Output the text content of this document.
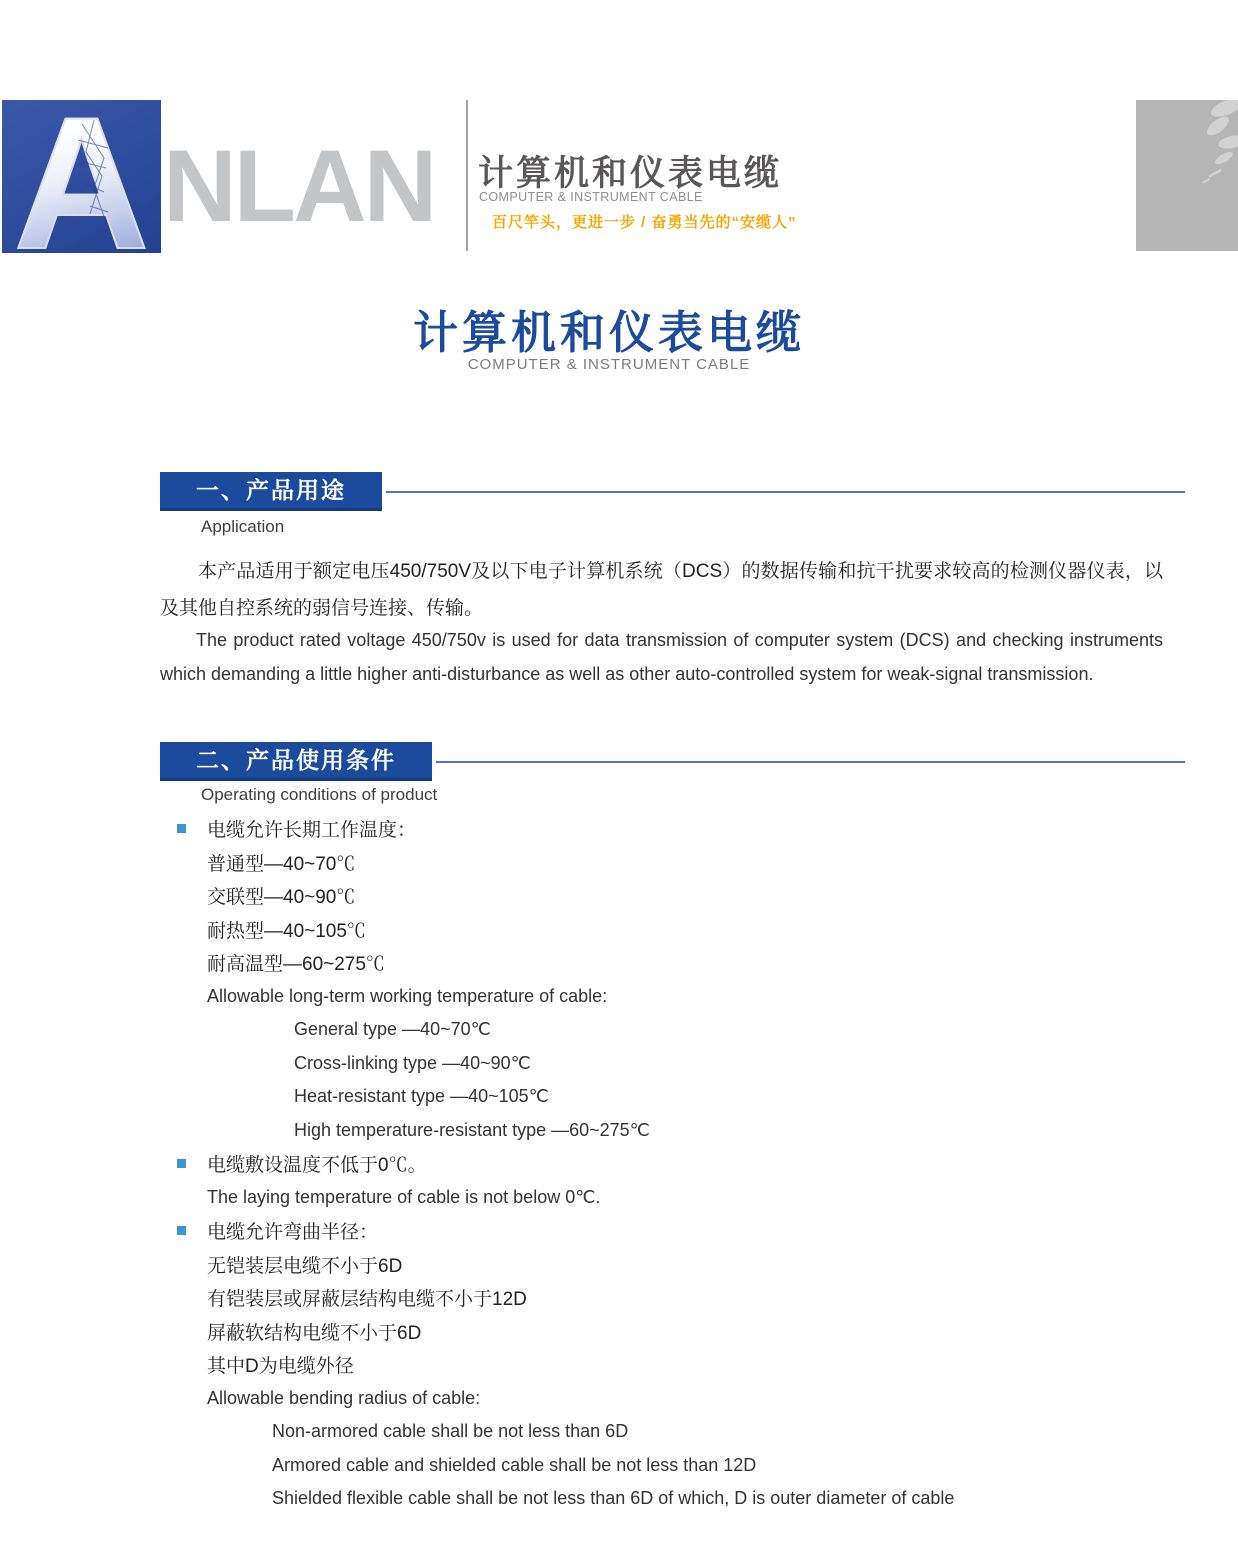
A NLAN 计算机和仪表电缆
COMPUTER & INSTRUMENT CABLE
百尺竿头，更进一步 / 奋勇当先的“安缆人”
计算机和仪表电缆
COMPUTER & INSTRUMENT CABLE
一、产品用途
Application
本产品适用于额定电压450/750V及以下电子计算机系统（DCS）的数据传输和抗干扰要求较高的检测仪器仪表，以及其他自控系统的弱信号连接、传输。
The product rated voltage 450/750v is used for data transmission of computer system (DCS) and checking instruments which demanding a little higher anti-disturbance as well as other auto-controlled system for weak-signal transmission.
二、产品使用条件
Operating conditions of product
电缆允许长期工作温度：
普通型—40~70℃
交联型—40~90℃
耐热型—40~105℃
耐高温型—60~275℃
Allowable long-term working temperature of cable:
General type —40~70℃
Cross-linking type —40~90℃
Heat-resistant type —40~105℃
High temperature-resistant type —60~275℃
电缆敷设温度不低于0℃。
The laying temperature of cable is not below 0℃.
电缆允许弯曲半径：
无铠装层电缆不小于6D
有铠装层或屏蔽层结构电缆不小于12D
屏蔽软结构电缆不小于6D
其中D为电缆外径
Allowable bending radius of cable:
Non-armored cable shall be not less than 6D
Armored cable and shielded cable shall be not less than 12D
Shielded flexible cable shall be not less than 6D of which, D is outer diameter of cable
